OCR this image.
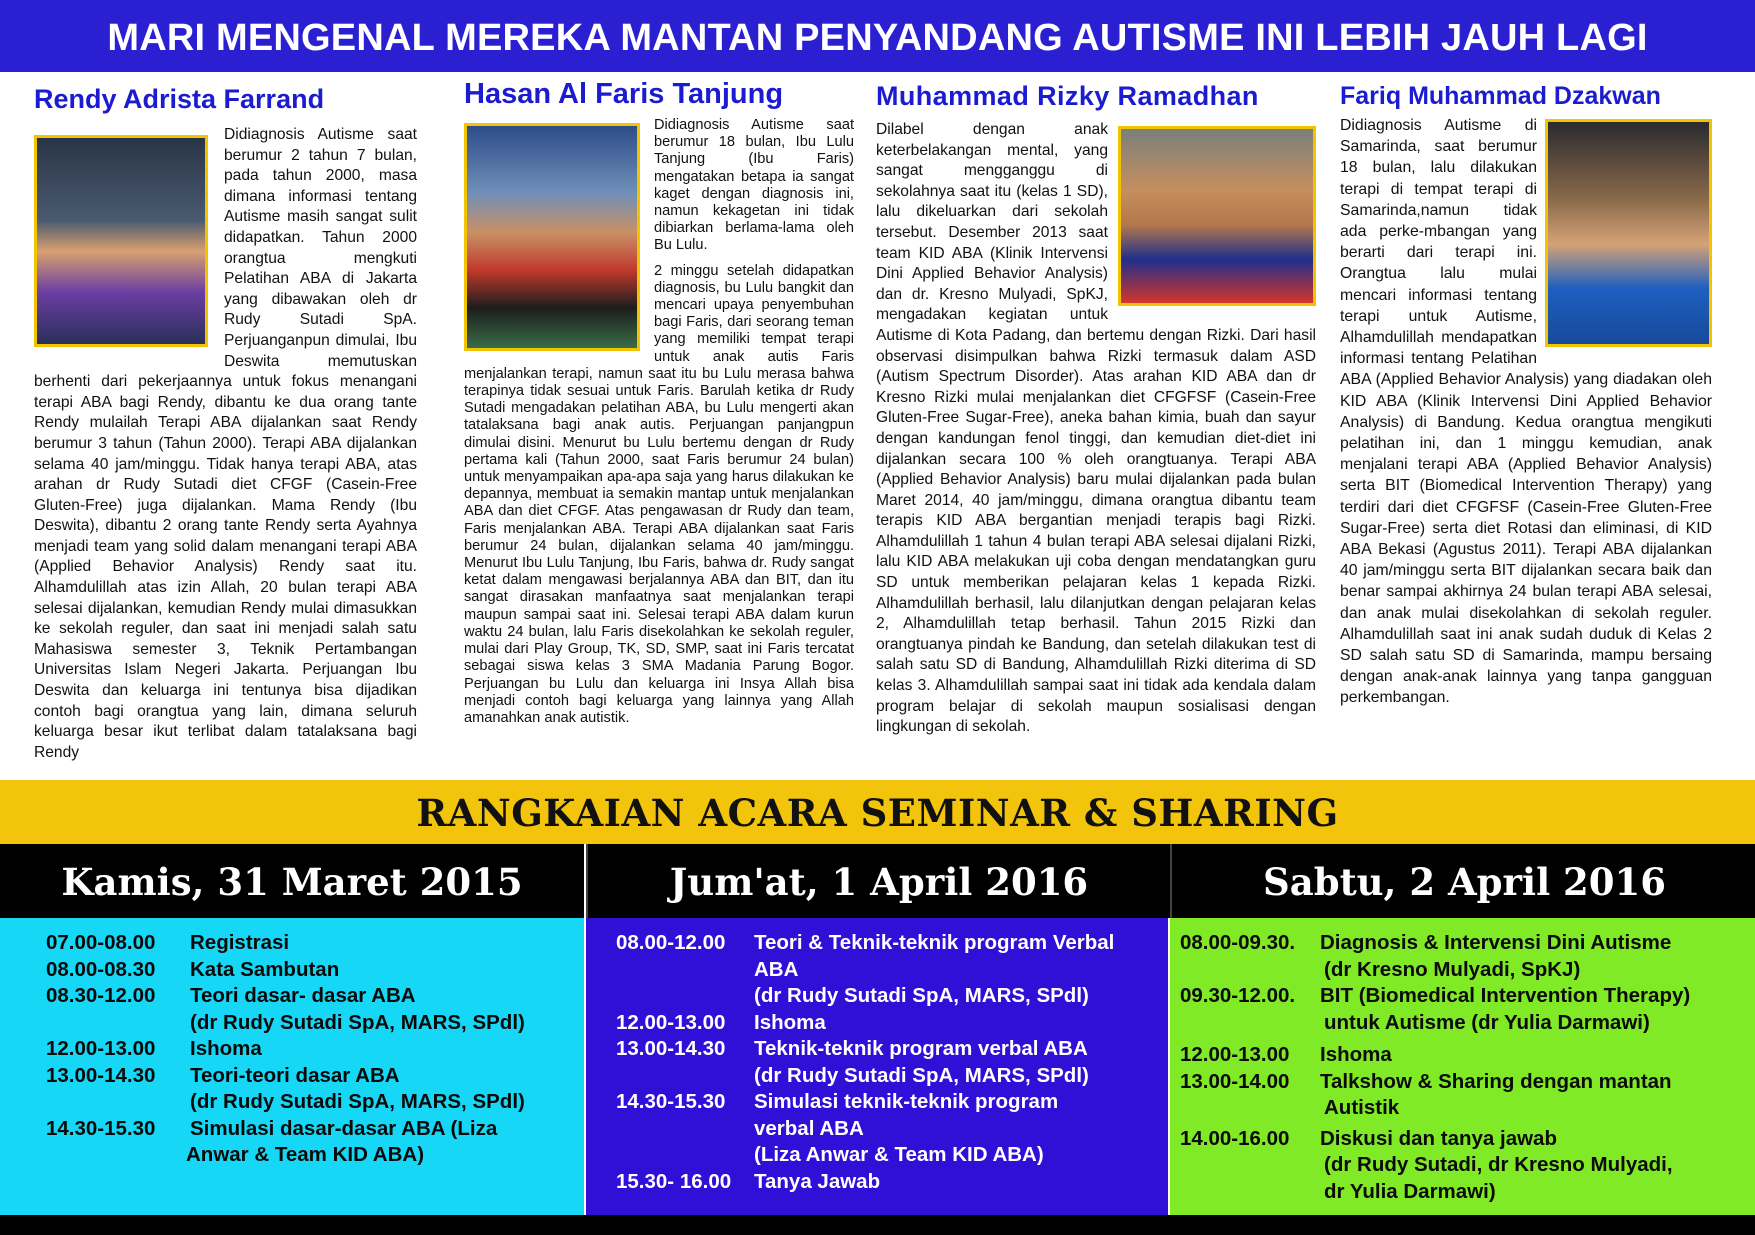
MARI MENGENAL MEREKA MANTAN PENYANDANG AUTISME INI LEBIH JAUH LAGI
Rendy Adrista Farrand

Didiagnosis Autisme saat berumur 2 tahun 7 bulan, pada tahun 2000, masa dimana informasi tentang Autisme masih sangat sulit didapatkan. Tahun 2000 orangtua mengkuti Pelatihan ABA di Jakarta yang dibawakan oleh dr Rudy Sutadi SpA. Perjuanganpun dimulai, Ibu Deswita memutuskan berhenti dari pekerjaannya untuk fokus menangani terapi ABA bagi Rendy, dibantu ke dua orang tante Rendy mulailah Terapi ABA dijalankan saat Rendy berumur 3 tahun (Tahun 2000). Terapi ABA dijalankan selama 40 jam/minggu. Tidak hanya terapi ABA, atas arahan dr Rudy Sutadi diet CFGF (Casein-Free Gluten-Free) juga dijalankan. Mama Rendy (Ibu Deswita), dibantu 2 orang tante Rendy serta Ayahnya menjadi team yang solid dalam menangani terapi ABA (Applied Behavior Analysis) Rendy saat itu. Alhamdulillah atas izin Allah, 20 bulan terapi ABA selesai dijalankan, kemudian Rendy mulai dimasukkan ke sekolah reguler, dan saat ini menjadi salah satu Mahasiswa semester 3, Teknik Pertambangan Universitas Islam Negeri Jakarta. Perjuangan Ibu Deswita dan keluarga ini tentunya bisa dijadikan contoh bagi orangtua yang lain, dimana seluruh keluarga besar ikut terlibat dalam tatalaksana bagi Rendy

Hasan Al Faris Tanjung

Didiagnosis Autisme saat berumur 18 bulan, Ibu Lulu Tanjung (Ibu Faris) mengatakan betapa ia sangat kaget dengan diagnosis ini, namun kekagetan ini tidak dibiarkan berlama-lama oleh Bu Lulu.

2 minggu setelah didapatkan diagnosis, bu Lulu bangkit dan mencari upaya penyembuhan bagi Faris, dari seorang teman yang memiliki tempat terapi untuk anak autis Faris menjalankan terapi, namun saat itu bu Lulu merasa bahwa terapinya tidak sesuai untuk Faris. Barulah ketika dr Rudy Sutadi mengadakan pelatihan ABA, bu Lulu mengerti akan tatalaksana bagi anak autis. Perjuangan panjangpun dimulai disini. Menurut bu Lulu bertemu dengan dr Rudy pertama kali (Tahun 2000, saat Faris berumur 24 bulan) untuk menyampaikan apa-apa saja yang harus dilakukan ke depannya, membuat ia semakin mantap untuk menjalankan ABA dan diet CFGF. Atas pengawasan dr Rudy dan team, Faris menjalankan ABA. Terapi ABA dijalankan saat Faris berumur 24 bulan, dijalankan selama 40 jam/minggu. Menurut Ibu Lulu Tanjung, Ibu Faris, bahwa dr. Rudy sangat ketat dalam mengawasi berjalannya ABA dan BIT, dan itu sangat dirasakan manfaatnya saat menjalankan terapi maupun sampai saat ini. Selesai terapi ABA dalam kurun waktu 24 bulan, lalu Faris disekolahkan ke sekolah reguler, mulai dari Play Group, TK, SD, SMP, saat ini Faris tercatat sebagai siswa kelas 3 SMA Madania Parung Bogor. Perjuangan bu Lulu dan keluarga ini Insya Allah bisa menjadi contoh bagi keluarga yang lainnya yang Allah amanahkan anak autistik.

Muhammad Rizky Ramadhan

Dilabel dengan anak keterbelakangan mental, yang sangat mengganggu di sekolahnya saat itu (kelas 1 SD), lalu dikeluarkan dari sekolah tersebut. Desember 2013 saat team KID ABA (Klinik Intervensi Dini Applied Behavior Analysis) dan dr. Kresno Mulyadi, SpKJ, mengadakan kegiatan untuk Autisme di Kota Padang, dan bertemu dengan Rizki. Dari hasil observasi disimpulkan bahwa Rizki termasuk dalam ASD (Autism Spectrum Disorder). Atas arahan KID ABA dan dr Kresno Rizki mulai menjalankan diet CFGFSF (Casein-Free Gluten-Free Sugar-Free), aneka bahan kimia, buah dan sayur dengan kandungan fenol tinggi, dan kemudian diet-diet ini dijalankan secara 100 % oleh orangtuanya. Terapi ABA (Applied Behavior Analysis) baru mulai dijalankan pada bulan Maret 2014, 40 jam/minggu, dimana orangtua dibantu team terapis KID ABA bergantian menjadi terapis bagi Rizki. Alhamdulillah 1 tahun 4 bulan terapi ABA selesai dijalani Rizki, lalu KID ABA melakukan uji coba dengan mendatangkan guru SD untuk memberikan pelajaran kelas 1 kepada Rizki. Alhamdulillah berhasil, lalu dilanjutkan dengan pelajaran kelas 2, Alhamdulillah tetap berhasil. Tahun 2015 Rizki dan orangtuanya pindah ke Bandung, dan setelah dilakukan test di salah satu SD di Bandung, Alhamdulillah Rizki diterima di SD kelas 3. Alhamdulillah sampai saat ini tidak ada kendala dalam program belajar di sekolah maupun sosialisasi dengan lingkungan di sekolah.

Fariq Muhammad Dzakwan

Didiagnosis Autisme di Samarinda, saat berumur 18 bulan, lalu dilakukan terapi di tempat terapi di Samarinda,namun tidak ada perke-mbangan yang berarti dari terapi ini. Orangtua lalu mulai mencari informasi tentang terapi untuk Autisme, Alhamdulillah mendapatkan informasi tentang Pelatihan ABA (Applied Behavior Analysis) yang diadakan oleh KID ABA (Klinik Intervensi Dini Applied Behavior Analysis) di Bandung. Kedua orangtua mengikuti pelatihan ini, dan 1 minggu kemudian, anak menjalani terapi ABA (Applied Behavior Analysis) serta BIT (Biomedical Intervention Therapy) yang terdiri dari diet CFGFSF (Casein-Free Gluten-Free Sugar-Free) serta diet Rotasi dan eliminasi, di KID ABA Bekasi (Agustus 2011). Terapi ABA dijalankan 40 jam/minggu serta BIT dijalankan secara baik dan benar sampai akhirnya 24 bulan terapi ABA selesai, dan anak mulai disekolahkan di sekolah reguler. Alhamdulillah saat ini anak sudah duduk di Kelas 2 SD salah satu SD di Samarinda, mampu bersaing dengan anak-anak lainnya yang tanpa gangguan perkembangan.

RANGKAIAN ACARA SEMINAR & SHARING
Kamis, 31 Maret 2015	Jum'at, 1 April 2016	Sabtu, 2 April 2016
07.00-08.00	Registrasi
08.00-08.30	Kata Sambutan
08.30-12.00	Teori dasar- dasar ABA
(dr Rudy Sutadi SpA, MARS, SPdl)
12.00-13.00	Ishoma
13.00-14.30	Teori-teori dasar ABA
(dr Rudy Sutadi SpA, MARS, SPdl)
14.30-15.30	Simulasi dasar-dasar ABA (Liza
Anwar & Team KID ABA)
08.00-12.00	Teori & Teknik-teknik program Verbal
ABA
(dr Rudy Sutadi SpA, MARS, SPdl)
12.00-13.00	Ishoma
13.00-14.30	Teknik-teknik program verbal ABA
(dr Rudy Sutadi SpA, MARS, SPdl)
14.30-15.30	Simulasi teknik-teknik program
verbal ABA
(Liza Anwar & Team KID ABA)
15.30- 16.00	Tanya Jawab
08.00-09.30.	Diagnosis & Intervensi Dini Autisme
(dr Kresno Mulyadi, SpKJ)
09.30-12.00.	BIT (Biomedical Intervention Therapy)
untuk Autisme (dr Yulia Darmawi)
12.00-13.00	Ishoma
13.00-14.00	Talkshow & Sharing dengan mantan
Autistik
14.00-16.00	Diskusi dan tanya jawab
(dr Rudy Sutadi, dr Kresno Mulyadi,
dr Yulia Darmawi)
